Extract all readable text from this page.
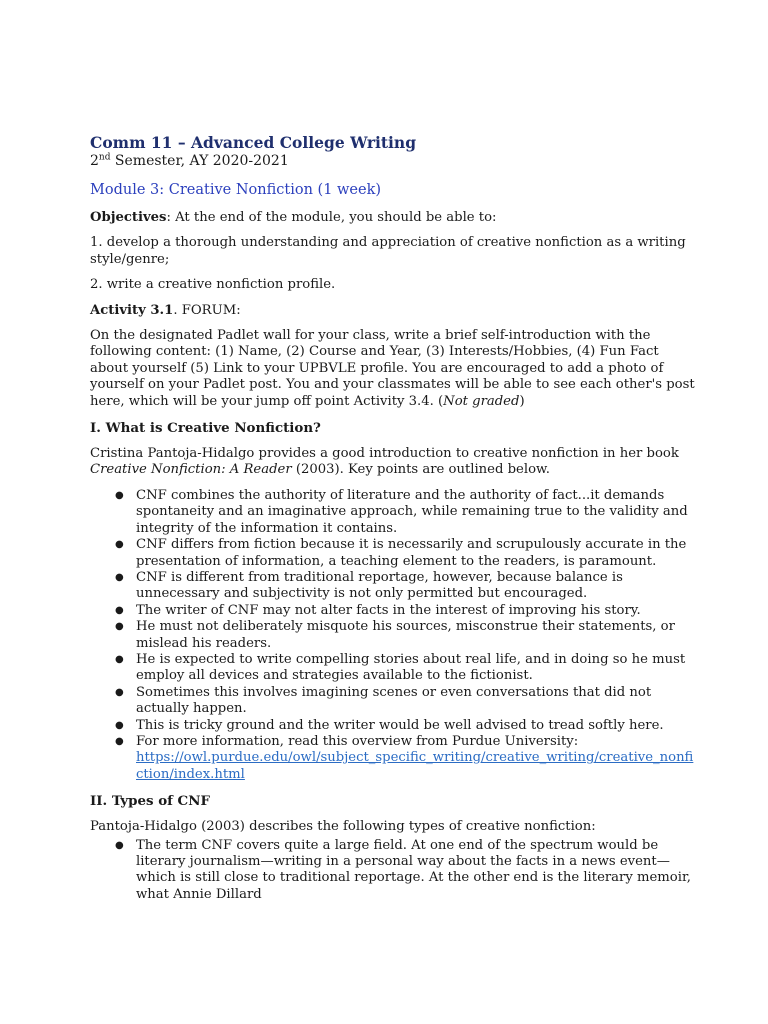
Comm 11 – Advanced College Writing
2nd Semester, AY 2020-2021
Module 3: Creative Nonfiction (1 week)

Objectives: At the end of the module, you should be able to:

1. develop a thorough understanding and appreciation of creative nonfiction as a writing style/genre;

2. write a creative nonfiction profile.

Activity 3.1. FORUM:

On the designated Padlet wall for your class, write a brief self-introduction with the following content: (1) Name, (2) Course and Year, (3) Interests/Hobbies, (4) Fun Fact about yourself (5) Link to your UPBVLE profile. You are encouraged to add a photo of yourself on your Padlet post. You and your classmates will be able to see each other's post here, which will be your jump off point Activity 3.4. (Not graded)

I. What is Creative Nonfiction?

Cristina Pantoja-Hidalgo provides a good introduction to creative nonfiction in her book Creative Nonfiction: A Reader (2003). Key points are outlined below.

● CNF combines the authority of literature and the authority of fact...it demands spontaneity and an imaginative approach, while remaining true to the validity and integrity of the information it contains.
● CNF differs from fiction because it is necessarily and scrupulously accurate in the presentation of information, a teaching element to the readers, is paramount.
● CNF is different from traditional reportage, however, because balance is unnecessary and subjectivity is not only permitted but encouraged.
● The writer of CNF may not alter facts in the interest of improving his story.
● He must not deliberately misquote his sources, misconstrue their statements, or mislead his readers.
● He is expected to write compelling stories about real life, and in doing so he must employ all devices and strategies available to the fictionist.
● Sometimes this involves imagining scenes or even conversations that did not actually happen.
● This is tricky ground and the writer would be well advised to tread softly here.
● For more information, read this overview from Purdue University:
https://owl.purdue.edu/owl/subject_specific_writing/creative_writing/creative_nonfiction/index.html
II. Types of CNF

Pantoja-Hidalgo (2003) describes the following types of creative nonfiction:

● The term CNF covers quite a large field. At one end of the spectrum would be literary journalism—writing in a personal way about the facts in a news event—which is still close to traditional reportage. At the other end is the literary memoir, what Annie Dillard
